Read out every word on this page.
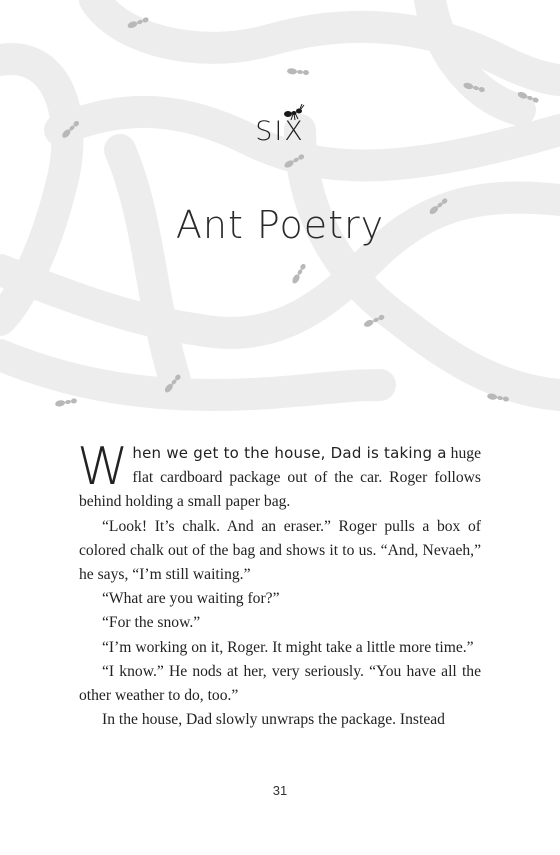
SIX
Ant Poetry

When we get to the house, Dad is taking a huge flat cardboard package out of the car. Roger follows behind holding a small paper bag.

“Look! It’s chalk. And an eraser.” Roger pulls a box of colored chalk out of the bag and shows it to us. “And, Nevaeh,” he says, “I’m still waiting.”

“What are you waiting for?”

“For the snow.”

“I’m working on it, Roger. It might take a little more time.”

“I know.” He nods at her, very seriously. “You have all the other weather to do, too.”

In the house, Dad slowly unwraps the package. Instead

31
